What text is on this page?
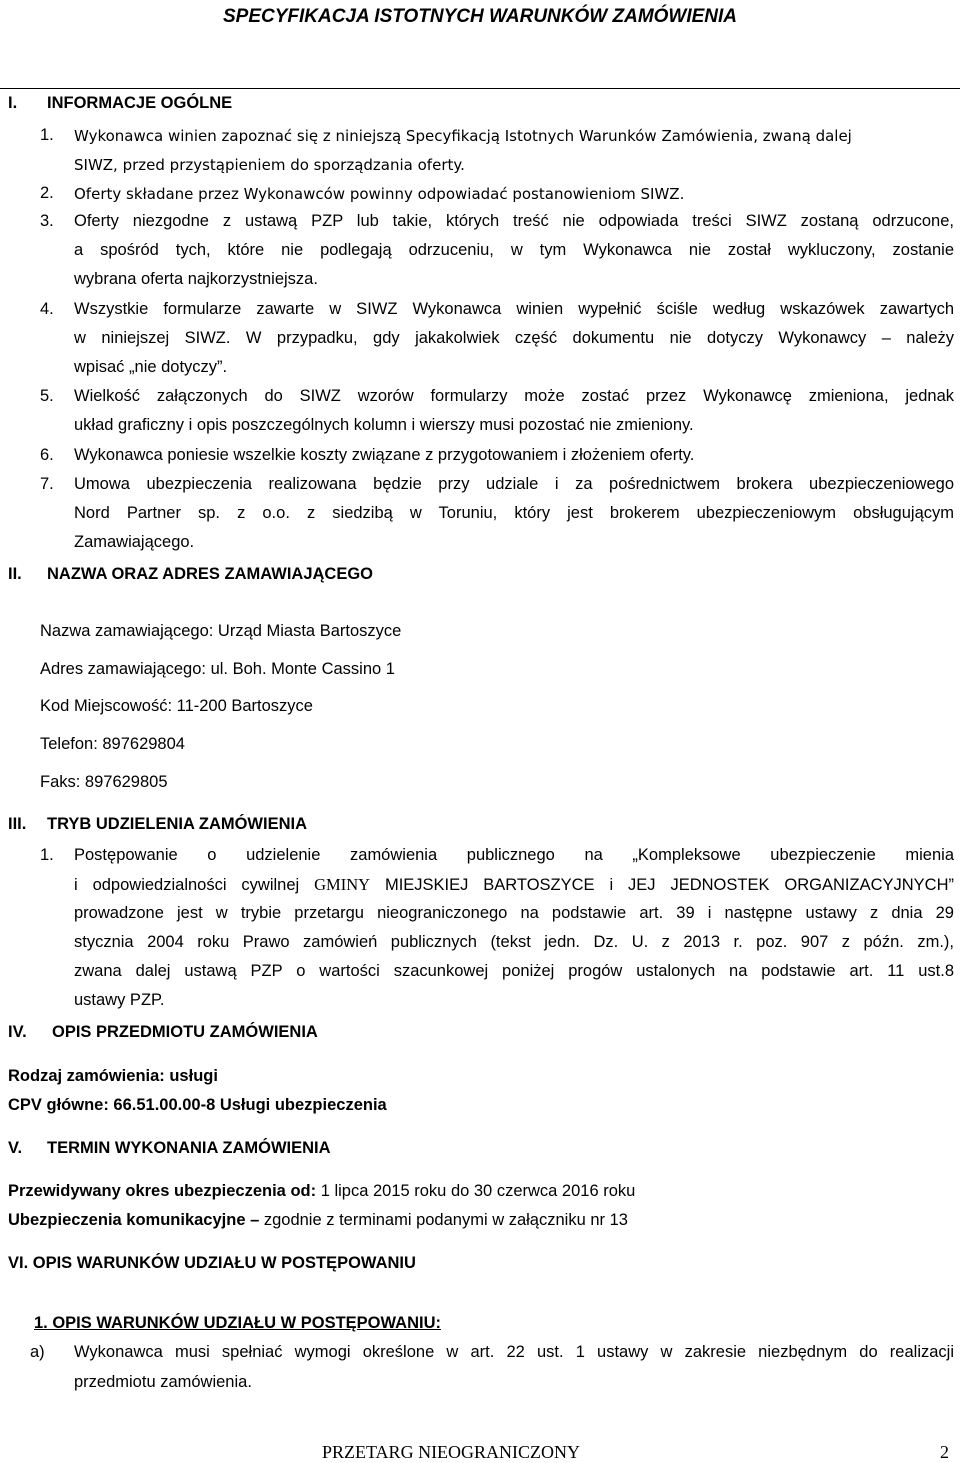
SPECYFIKACJA ISTOTNYCH WARUNKÓW ZAMÓWIENIA
I. INFORMACJE OGÓLNE
1. Wykonawca winien zapoznać się z niniejszą Specyfikacją Istotnych Warunków Zamówienia, zwaną dalej
SIWZ, przed przystąpieniem do sporządzania oferty.
2. Oferty składane przez Wykonawców powinny odpowiadać postanowieniom SIWZ.
3. Oferty niezgodne z ustawą PZP lub takie, których treść nie odpowiada treści SIWZ zostaną odrzucone,
a spośród tych, które nie podlegają odrzuceniu, w tym Wykonawca nie został wykluczony, zostanie
wybrana oferta najkorzystniejsza.
4. Wszystkie formularze zawarte w SIWZ Wykonawca winien wypełnić ściśle według wskazówek zawartych
w niniejszej SIWZ. W przypadku, gdy jakakolwiek część dokumentu nie dotyczy Wykonawcy – należy
wpisać „nie dotyczy”.
5. Wielkość załączonych do SIWZ wzorów formularzy może zostać przez Wykonawcę zmieniona, jednak
układ graficzny i opis poszczególnych kolumn i wierszy musi pozostać nie zmieniony.
6. Wykonawca poniesie wszelkie koszty związane z przygotowaniem i złożeniem oferty.
7. Umowa ubezpieczenia realizowana będzie przy udziale i za pośrednictwem brokera ubezpieczeniowego
Nord Partner sp. z o.o. z siedzibą w Toruniu, który jest brokerem ubezpieczeniowym obsługującym
Zamawiającego.
II. NAZWA ORAZ ADRES ZAMAWIAJĄCEGO
Nazwa zamawiającego: Urząd Miasta Bartoszyce
Adres zamawiającego: ul. Boh. Monte Cassino 1
Kod Miejscowość: 11-200 Bartoszyce
Telefon: 897629804
Faks: 897629805
III. TRYB UDZIELENIA ZAMÓWIENIA
1. Postępowanie o udzielenie zamówienia publicznego na „Kompleksowe ubezpieczenie mienia
i odpowiedzialności cywilnej GMINY MIEJSKIEJ BARTOSZYCE i JEJ JEDNOSTEK ORGANIZACYJNYCH”
prowadzone jest w trybie przetargu nieograniczonego na podstawie art. 39 i następne ustawy z dnia 29
stycznia 2004 roku Prawo zamówień publicznych (tekst jedn. Dz. U. z 2013 r. poz. 907 z późn. zm.),
zwana dalej ustawą PZP o wartości szacunkowej poniżej progów ustalonych na podstawie art. 11 ust.8
ustawy PZP.
IV. OPIS PRZEDMIOTU ZAMÓWIENIA
Rodzaj zamówienia: usługi
CPV główne: 66.51.00.00-8 Usługi ubezpieczenia
V. TERMIN WYKONANIA ZAMÓWIENIA
Przewidywany okres ubezpieczenia od: 1 lipca 2015 roku do 30 czerwca 2016 roku
Ubezpieczenia komunikacyjne – zgodnie z terminami podanymi w załączniku nr 13
VI. OPIS WARUNKÓW UDZIAŁU W POSTĘPOWANIU
1. OPIS WARUNKÓW UDZIAŁU W POSTĘPOWANIU:
a) Wykonawca musi spełniać wymogi określone w art. 22 ust. 1 ustawy w zakresie niezbędnym do realizacji
przedmiotu zamówienia.
PRZETARG NIEOGRANICZONY	2
